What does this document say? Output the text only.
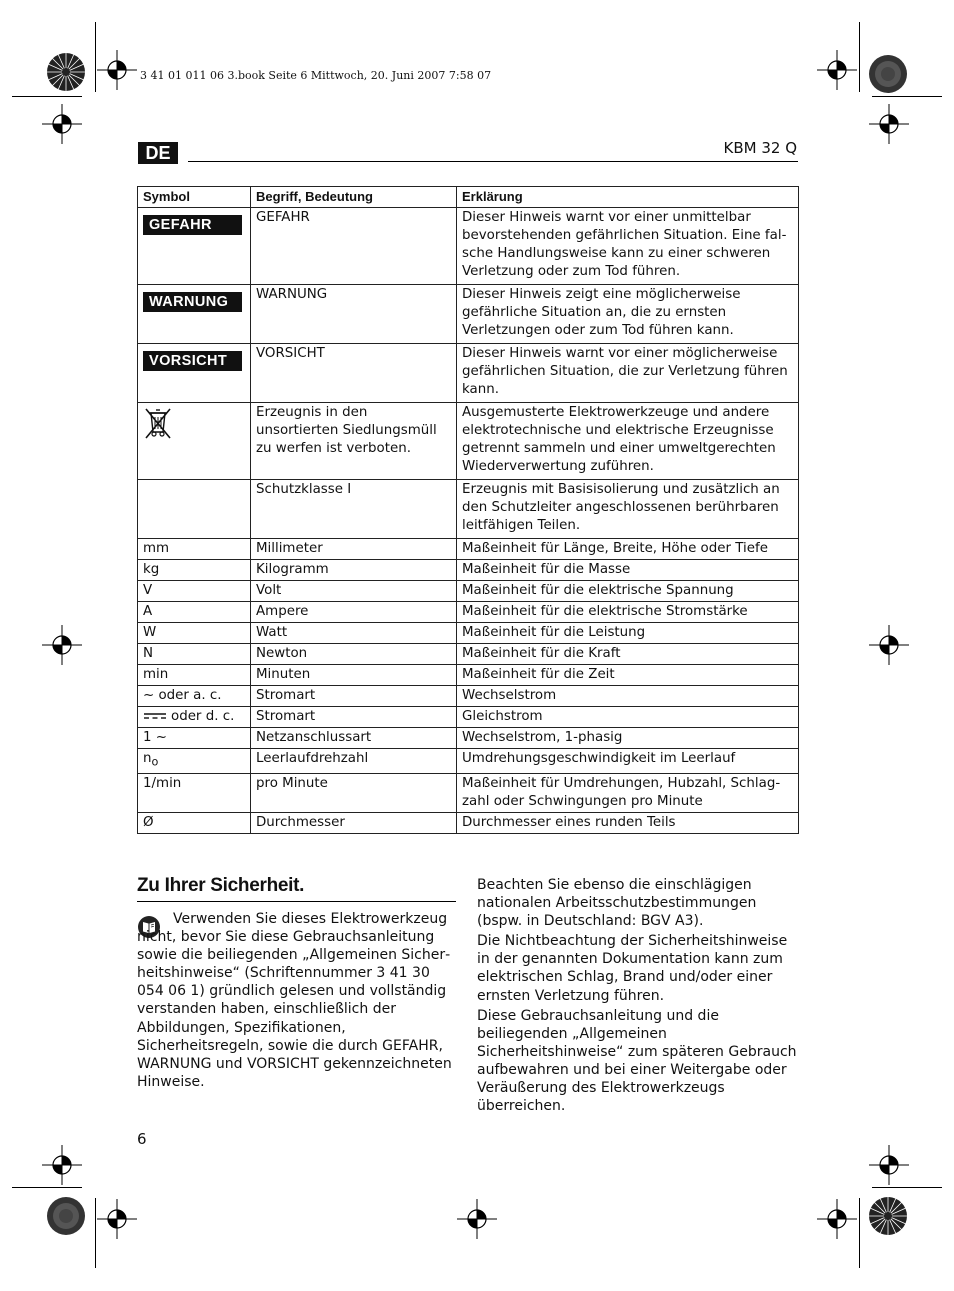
3 41 01 011 06 3.book Seite 6 Mittwoch, 20. Juni 2007 7:58 07
DE	KBM 32 Q
Symbol	Begriff, Bedeutung	Erklärung
GEFAHR	GEFAHR	Dieser Hinweis warnt vor einer unmittelbar bevorstehenden gefährlichen Situation. Eine falsche Handlungsweise kann zu einer schweren Verletzung oder zum Tod führen.
WARNUNG	WARNUNG	Dieser Hinweis zeigt eine möglicherweise gefährliche Situation an, die zu ernsten Verletzungen oder zum Tod führen kann.
VORSICHT	VORSICHT	Dieser Hinweis warnt vor einer möglicherweise gefährlichen Situation, die zur Verletzung führen kann.
	Erzeugnis in den unsortierten Siedlungsmüll zu werfen ist verboten.	Ausgemusterte Elektrowerkzeuge und andere elektrotechnische und elektrische Erzeugnisse getrennt sammeln und einer umweltgerechten Wiederverwertung zuführen.
	Schutzklasse I	Erzeugnis mit Basisisolierung und zusätzlich an den Schutzleiter angeschlossenen berührbaren leitfähigen Teilen.
mm	Millimeter	Maßeinheit für Länge, Breite, Höhe oder Tiefe
kg	Kilogramm	Maßeinheit für die Masse
V	Volt	Maßeinheit für die elektrische Spannung
A	Ampere	Maßeinheit für die elektrische Stromstärke
W	Watt	Maßeinheit für die Leistung
N	Newton	Maßeinheit für die Kraft
min	Minuten	Maßeinheit für die Zeit
~ oder a. c.	Stromart	Wechselstrom
oder d. c.	Stromart	Gleichstrom
1 ~	Netzanschlussart	Wechselstrom, 1-phasig
$n_o$	Leerlaufdrehzahl	Umdrehungsgeschwindigkeit im Leerlauf
1/min	pro Minute	Maßeinheit für Umdrehungen, Hubzahl, Schlagzahl oder Schwingungen pro Minute
Ø	Durchmesser	Durchmesser eines runden Teils
Zu Ihrer Sicherheit.

Verwenden Sie dieses Elektrowerkzeug nicht, bevor Sie diese Gebrauchsanleitung sowie die beiliegenden „Allgemeinen Sicherheitshinweise“ (Schriftennummer 3 41 30 054 06 1) gründlich gelesen und vollständig verstanden haben, einschließlich der Abbildungen, Spezifikationen, Sicherheitsregeln, sowie die durch GEFAHR, WARNUNG und VORSICHT gekennzeichneten Hinweise.

Beachten Sie ebenso die einschlägigen nationalen Arbeitsschutzbestimmungen (bspw. in Deutschland: BGV A3).

Die Nichtbeachtung der Sicherheitshinweise in der genannten Dokumentation kann zum elektrischen Schlag, Brand und/oder einer ernsten Verletzung führen.

Diese Gebrauchsanleitung und die beiliegenden „Allgemeinen Sicherheitshinweise“ zum späteren Gebrauch aufbewahren und bei einer Weitergabe oder Veräußerung des Elektrowerkzeugs überreichen.

6
